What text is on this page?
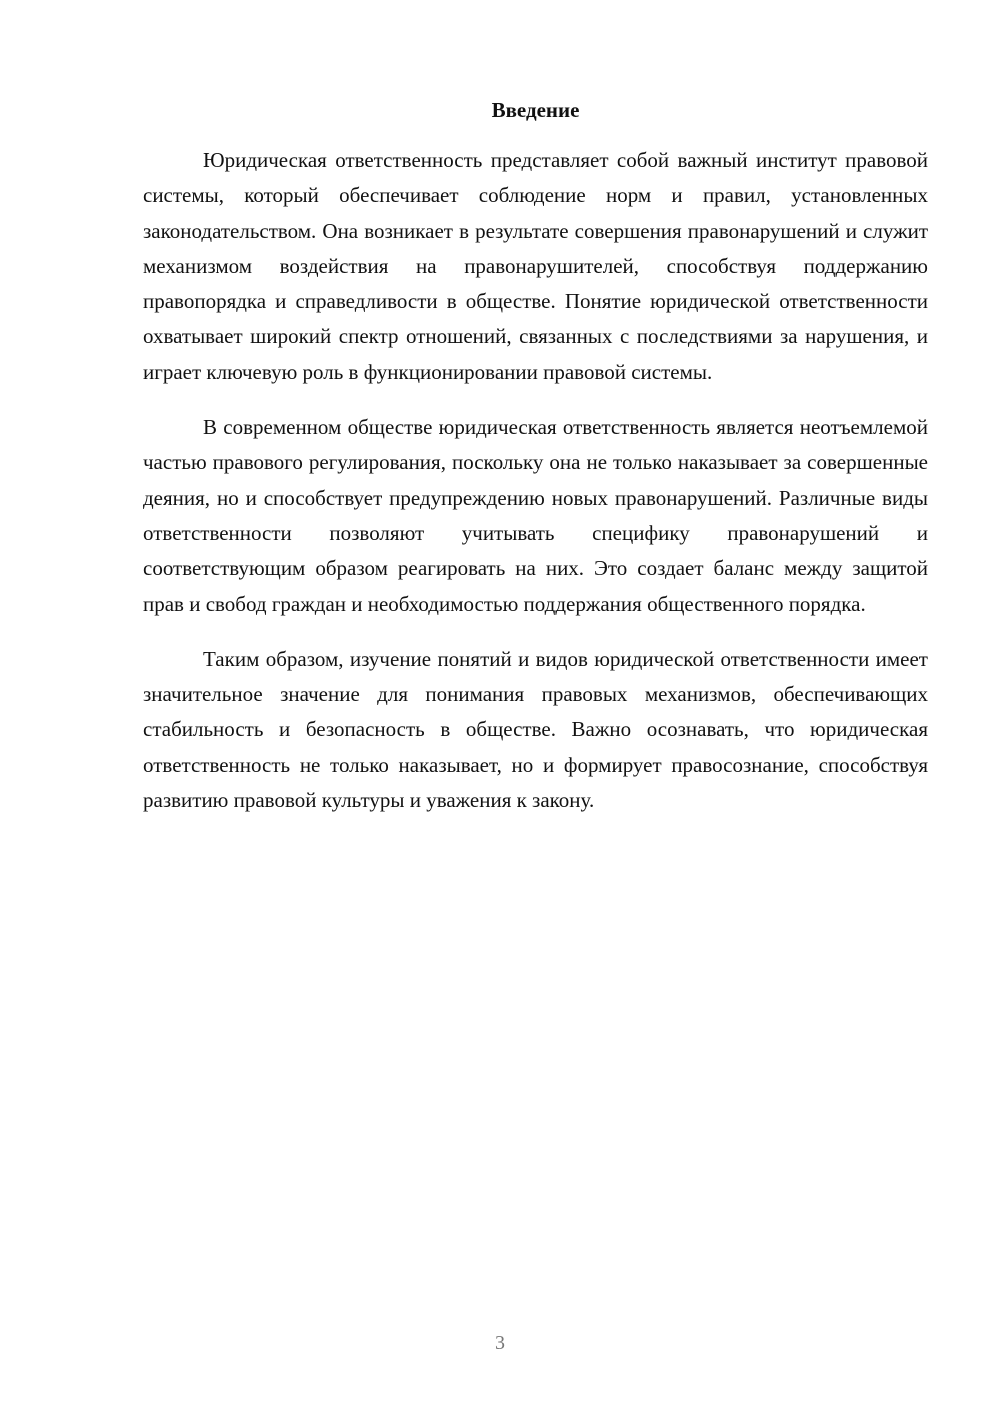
Введение

Юридическая ответственность представляет собой важный институт правовой системы, который обеспечивает соблюдение норм и правил, установленных законодательством. Она возникает в результате совершения правонарушений и служит механизмом воздействия на правонарушителей, способствуя поддержанию правопорядка и справедливости в обществе. Понятие юридической ответственности охватывает широкий спектр отношений, связанных с последствиями за нарушения, и играет ключевую роль в функционировании правовой системы.

В современном обществе юридическая ответственность является неотъемлемой частью правового регулирования, поскольку она не только наказывает за совершенные деяния, но и способствует предупреждению новых правонарушений. Различные виды ответственности позволяют учитывать специфику правонарушений и соответствующим образом реагировать на них. Это создает баланс между защитой прав и свобод граждан и необходимостью поддержания общественного порядка.

Таким образом, изучение понятий и видов юридической ответственности имеет значительное значение для понимания правовых механизмов, обеспечивающих стабильность и безопасность в обществе. Важно осознавать, что юридическая ответственность не только наказывает, но и формирует правосознание, способствуя развитию правовой культуры и уважения к закону.

3
